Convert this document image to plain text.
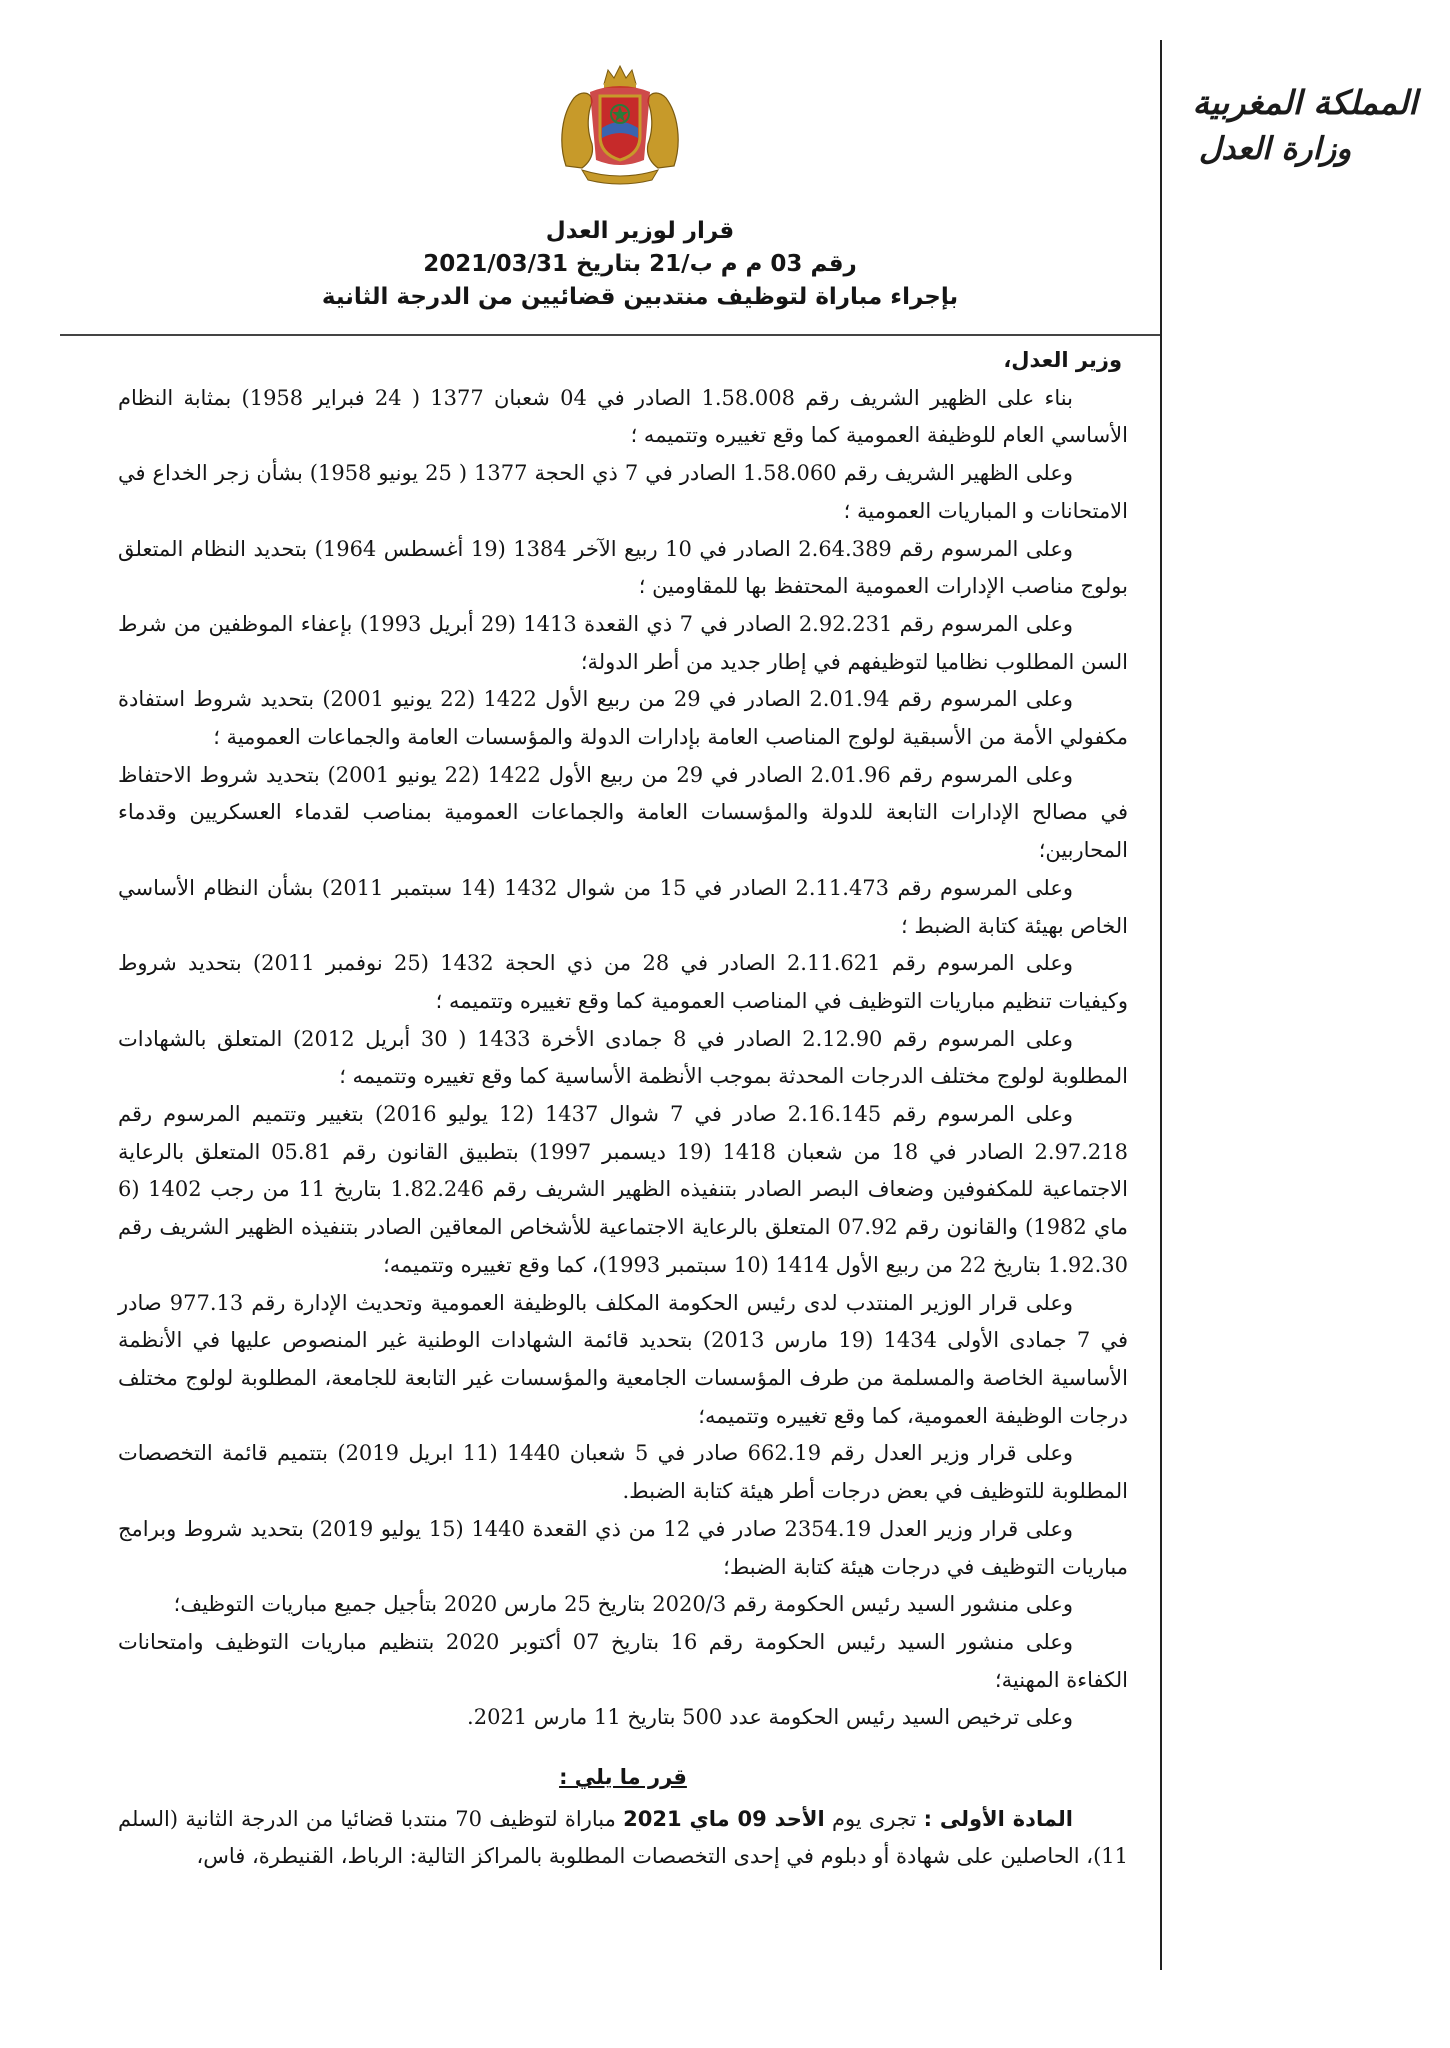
المملكة المغربية
وزارة العدل
قرار لوزير العدل
رقم 03 م م ب/21 بتاريخ 2021/03/31
بإجراء مباراة لتوظيف منتدبين قضائيين من الدرجة الثانية

وزير العدل،

بناء على الظهير الشريف رقم 1.58.008 الصادر في 04 شعبان 1377 ( 24 فبراير 1958) بمثابة النظام الأساسي العام للوظيفة العمومية كما وقع تغييره وتتميمه ؛

وعلى الظهير الشريف رقم 1.58.060 الصادر في 7 ذي الحجة 1377 ( 25 يونيو 1958) بشأن زجر الخداع في الامتحانات و المباريات العمومية ؛

وعلى المرسوم رقم 2.64.389 الصادر في 10 ربيع الآخر 1384 (19 أغسطس 1964) بتحديد النظام المتعلق بولوج مناصب الإدارات العمومية المحتفظ بها للمقاومين ؛

وعلى المرسوم رقم 2.92.231 الصادر في 7 ذي القعدة 1413 (29 أبريل 1993) بإعفاء الموظفين من شرط السن المطلوب نظاميا لتوظيفهم في إطار جديد من أطر الدولة؛

وعلى المرسوم رقم 2.01.94 الصادر في 29 من ربيع الأول 1422 (22 يونيو 2001) بتحديد شروط استفادة مكفولي الأمة من الأسبقية لولوج المناصب العامة بإدارات الدولة والمؤسسات العامة والجماعات العمومية ؛

وعلى المرسوم رقم 2.01.96 الصادر في 29 من ربيع الأول 1422 (22 يونيو 2001) بتحديد شروط الاحتفاظ في مصالح الإدارات التابعة للدولة والمؤسسات العامة والجماعات العمومية بمناصب لقدماء العسكريين وقدماء المحاربين؛

وعلى المرسوم رقم 2.11.473 الصادر في 15 من شوال 1432 (14 سبتمبر 2011) بشأن النظام الأساسي الخاص بهيئة كتابة الضبط ؛

وعلى المرسوم رقم 2.11.621 الصادر في 28 من ذي الحجة 1432 (25 نوفمبر 2011) بتحديد شروط وكيفيات تنظيم مباريات التوظيف في المناصب العمومية كما وقع تغييره وتتميمه ؛

وعلى المرسوم رقم 2.12.90 الصادر في 8 جمادى الأخرة 1433 ( 30 أبريل 2012) المتعلق بالشهادات المطلوبة لولوج مختلف الدرجات المحدثة بموجب الأنظمة الأساسية كما وقع تغييره وتتميمه ؛

وعلى المرسوم رقم 2.16.145 صادر في 7 شوال 1437 (12 يوليو 2016) بتغيير وتتميم المرسوم رقم 2.97.218 الصادر في 18 من شعبان 1418 (19 ديسمبر 1997) بتطبيق القانون رقم 05.81 المتعلق بالرعاية الاجتماعية للمكفوفين وضعاف البصر الصادر بتنفيذه الظهير الشريف رقم 1.82.246 بتاريخ 11 من رجب 1402 (6 ماي 1982) والقانون رقم 07.92 المتعلق بالرعاية الاجتماعية للأشخاص المعاقين الصادر بتنفيذه الظهير الشريف رقم 1.92.30 بتاريخ 22 من ربيع الأول 1414 (10 سبتمبر 1993)، كما وقع تغييره وتتميمه؛

وعلى قرار الوزير المنتدب لدى رئيس الحكومة المكلف بالوظيفة العمومية وتحديث الإدارة رقم 977.13 صادر في 7 جمادى الأولى 1434 (19 مارس 2013) بتحديد قائمة الشهادات الوطنية غير المنصوص عليها في الأنظمة الأساسية الخاصة والمسلمة من طرف المؤسسات الجامعية والمؤسسات غير التابعة للجامعة، المطلوبة لولوج مختلف درجات الوظيفة العمومية، كما وقع تغييره وتتميمه؛

وعلى قرار وزير العدل رقم 662.19 صادر في 5 شعبان 1440 (11 ابريل 2019) بتتميم قائمة التخصصات المطلوبة للتوظيف في بعض درجات أطر هيئة كتابة الضبط.

وعلى قرار وزير العدل 2354.19 صادر في 12 من ذي القعدة 1440 (15 يوليو 2019) بتحديد شروط وبرامج مباريات التوظيف في درجات هيئة كتابة الضبط؛

وعلى منشور السيد رئيس الحكومة رقم 2020/3 بتاريخ 25 مارس 2020 بتأجيل جميع مباريات التوظيف؛

وعلى منشور السيد رئيس الحكومة رقم 16 بتاريخ 07 أكتوبر 2020 بتنظيم مباريات التوظيف وامتحانات الكفاءة المهنية؛

وعلى ترخيص السيد رئيس الحكومة عدد 500 بتاريخ 11 مارس 2021.

قرر ما يلي :

المادة الأولى : تجرى يوم الأحد 09 ماي 2021 مباراة لتوظيف 70 منتدبا قضائيا من الدرجة الثانية (السلم 11)، الحاصلين على شهادة أو دبلوم في إحدى التخصصات المطلوبة بالمراكز التالية: الرباط، القنيطرة، فاس،
